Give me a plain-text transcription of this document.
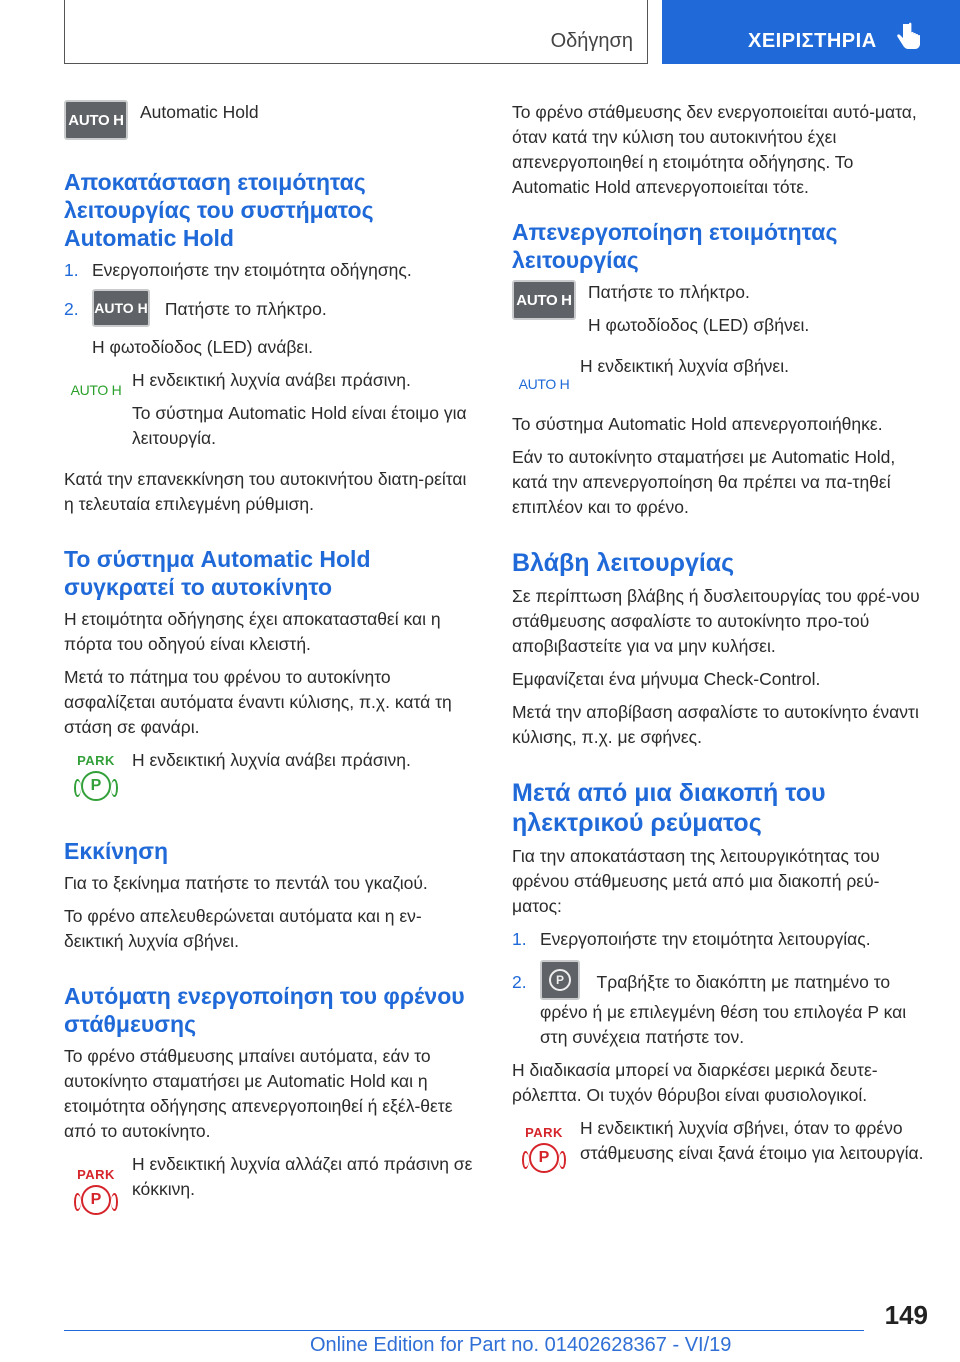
Οδήγηση	ΧΕΙΡΙΣΤΗΡΙΑ
AUTO H Automatic Hold
Αποκατάσταση ετοιμότητας λειτουργίας του συστήματος Automatic Hold
1. Ενεργοποιήστε την ετοιμότητα οδήγησης.
2.	AUTO H Πατήστε το πλήκτρο.

Η φωτοδίοδος (LED) ανάβει.

AUTO H Η ενδεικτική λυχνία ανάβει πράσινη.

Το σύστημα Automatic Hold είναι έτοιμο για λειτουργία.

Κατά την επανεκκίνηση του αυτοκινήτου διατη-ρείται η τελευταία επιλεγμένη ρύθμιση.

Το σύστημα Automatic Hold συγκρατεί το αυτοκίνητο

Η ετοιμότητα οδήγησης έχει αποκατασταθεί και η πόρτα του οδηγού είναι κλειστή.

Μετά το πάτημα του φρένου το αυτοκίνητο ασφαλίζεται αυτόματα έναντι κύλισης, π.χ. κατά τη στάση σε φανάρι.

PARK
P

Η ενδεικτική λυχνία ανάβει πράσινη.

Εκκίνηση

Για το ξεκίνημα πατήστε το πεντάλ του γκαζιού.

Το φρένο απελευθερώνεται αυτόματα και η εν-δεικτική λυχνία σβήνει.

Αυτόματη ενεργοποίηση του φρένου στάθμευσης

Το φρένο στάθμευσης μπαίνει αυτόματα, εάν το αυτοκίνητο σταματήσει με Automatic Hold και η ετοιμότητα οδήγησης απενεργοποιηθεί ή εξέλ-θετε από το αυτοκίνητο.

PARK
P

Η ενδεικτική λυχνία αλλάζει από πράσινη σε κόκκινη.

Το φρένο στάθμευσης δεν ενεργοποιείται αυτό-ματα, όταν κατά την κύλιση του αυτοκινήτου έχει απενεργοποιηθεί η ετοιμότητα οδήγησης. Το Automatic Hold απενεργοποιείται τότε.

Απενεργοποίηση ετοιμότητας λειτουργίας
AUTO H Πατήστε το πλήκτρο.

Η φωτοδίοδος (LED) σβήνει.

AUTO H

Η ενδεικτική λυχνία σβήνει.

Το σύστημα Automatic Hold απενεργοποιήθηκε.

Εάν το αυτοκίνητο σταματήσει με Automatic Hold, κατά την απενεργοποίηση θα πρέπει να πα-τηθεί επιπλέον και το φρένο.

Βλάβη λειτουργίας

Σε περίπτωση βλάβης ή δυσλειτουργίας του φρέ-νου στάθμευσης ασφαλίστε το αυτοκίνητο προ-τού αποβιβαστείτε για να μην κυλήσει.

Εμφανίζεται ένα μήνυμα Check-Control.

Μετά την αποβίβαση ασφαλίστε το αυτοκίνητο έναντι κύλισης, π.χ. με σφήνες.

Μετά από μια διακοπή του ηλεκτρικού ρεύματος

Για την αποκατάσταση της λειτουργικότητας του φρένου στάθμευσης μετά από μια διακοπή ρεύ-ματος:

1. Ενεργοποιήστε την ετοιμότητα λειτουργίας.
2.	P	Τραβήξτε το διακόπτη με πατημένο το φρένο ή με επιλεγμένη θέση του επιλογέα P και στη συνέχεια πατήστε τον.

Η διαδικασία μπορεί να διαρκέσει μερικά δευτε-ρόλεπτα. Οι τυχόν θόρυβοι είναι φυσιολογικοί.

PARK
P

Η ενδεικτική λυχνία σβήνει, όταν το φρένο στάθμευσης είναι ξανά έτοιμο για λειτουργία.

149
Online Edition for Part no. 01402628367 - VI/19
